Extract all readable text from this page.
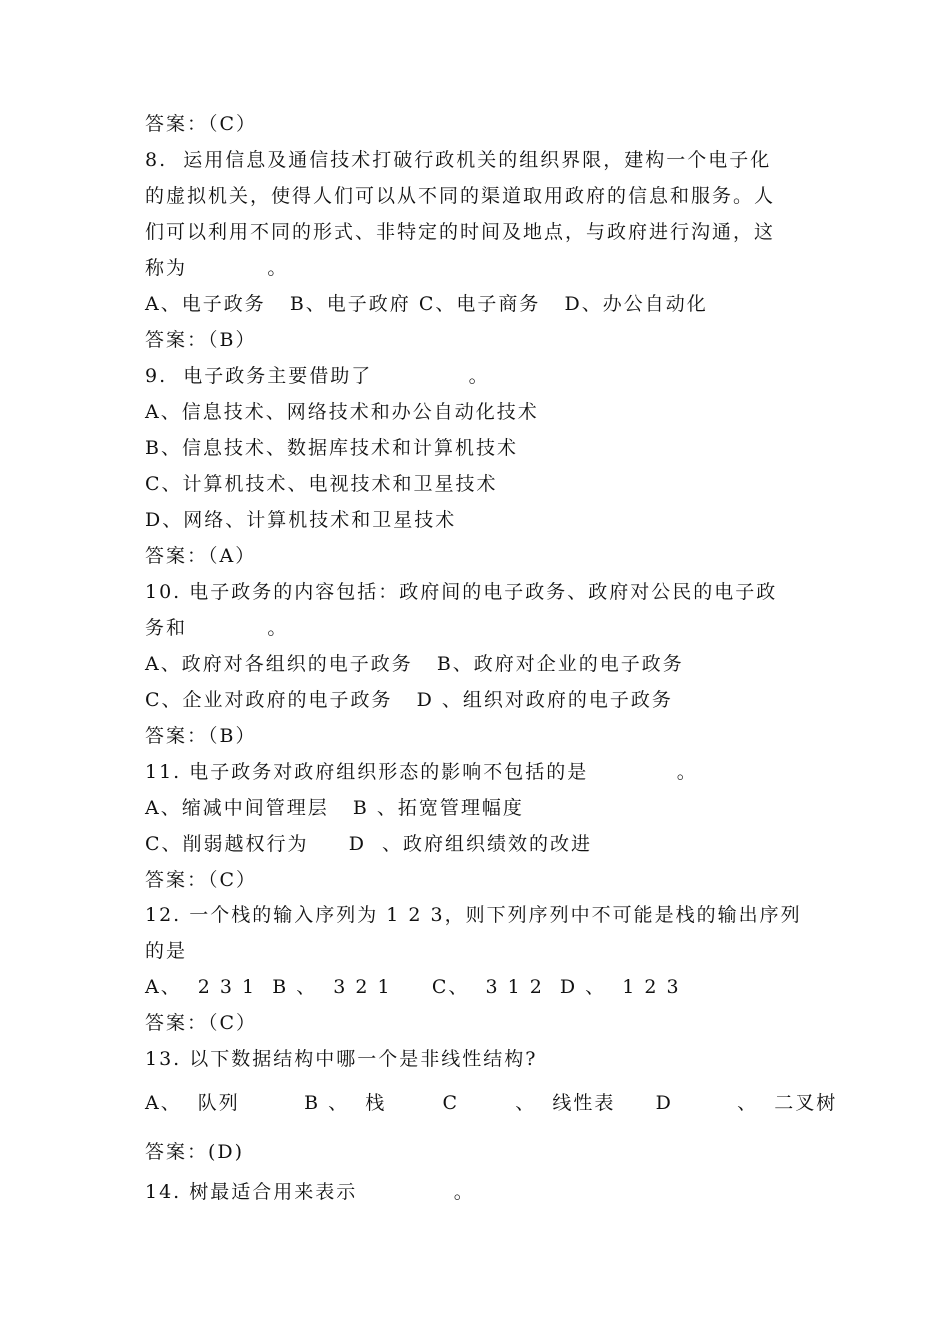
答案：（C）
8.  运用信息及通信技术打破行政机关的组织界限，建构一个电子化
的虚拟机关，使得人们可以从不同的渠道取用政府的信息和服务。人
们可以利用不同的形式、非特定的时间及地点，与政府进行沟通，这
称为          。
A、电子政务   B、电子政府 C、电子商务   D、办公自动化
答案：（B）
9.  电子政务主要借助了            。
A、信息技术、网络技术和办公自动化技术
B、信息技术、数据库技术和计算机技术
C、计算机技术、电视技术和卫星技术
D、网络、计算机技术和卫星技术
答案：（A）
10. 电子政务的内容包括：政府间的电子政务、政府对公民的电子政
务和          。
A、政府对各组织的电子政务   B、政府对企业的电子政务
C、企业对政府的电子政务   D 、组织对政府的电子政务
答案：（B）
11. 电子政务对政府组织形态的影响不包括的是           。
A、缩减中间管理层   B 、拓宽管理幅度
C、削弱越权行为     D  、政府组织绩效的改进
答案：（C）
12. 一个栈的输入序列为 1 2 3，则下列序列中不可能是栈的输出序列
的是
A、  2 3 1  B 、  3 2 1     C、  3 1 2  D 、  1 2 3
答案：（C）
13. 以下数据结构中哪一个是非线性结构?
A、  队列        B 、  栈       C       、  线性表     D        、  二叉树
答案：(D)
14. 树最适合用来表示            。
